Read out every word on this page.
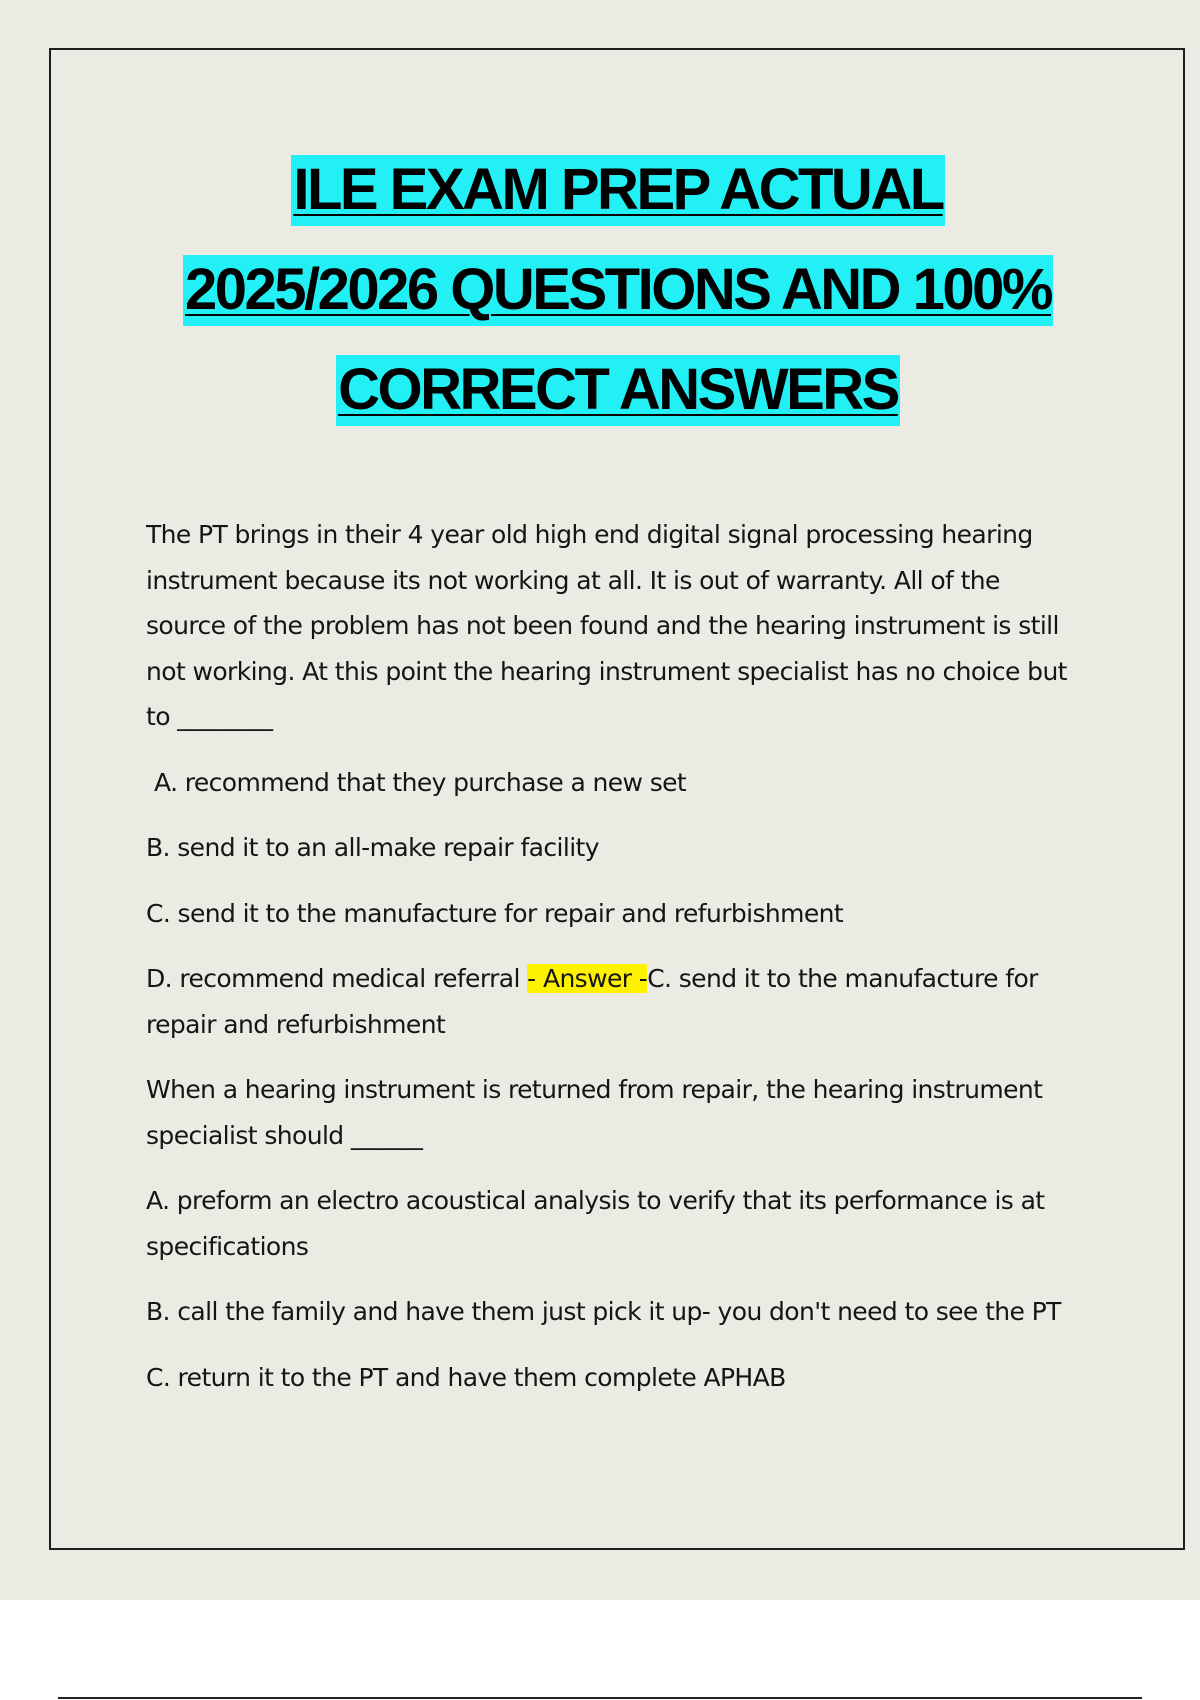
ILE EXAM PREP ACTUAL
2025/2026 QUESTIONS AND 100%
CORRECT ANSWERS

The PT brings in their 4 year old high end digital signal processing hearing instrument because its not working at all. It is out of warranty. All of the source of the problem has not been found and the hearing instrument is still not working. At this point the hearing instrument specialist has no choice but to ________

A. recommend that they purchase a new set

B. send it to an all-make repair facility

C. send it to the manufacture for repair and refurbishment

D. recommend medical referral - Answer -C. send it to the manufacture for repair and refurbishment

When a hearing instrument is returned from repair, the hearing instrument specialist should ______

A. preform an electro acoustical analysis to verify that its performance is at specifications

B. call the family and have them just pick it up- you don't need to see the PT

C. return it to the PT and have them complete APHAB
